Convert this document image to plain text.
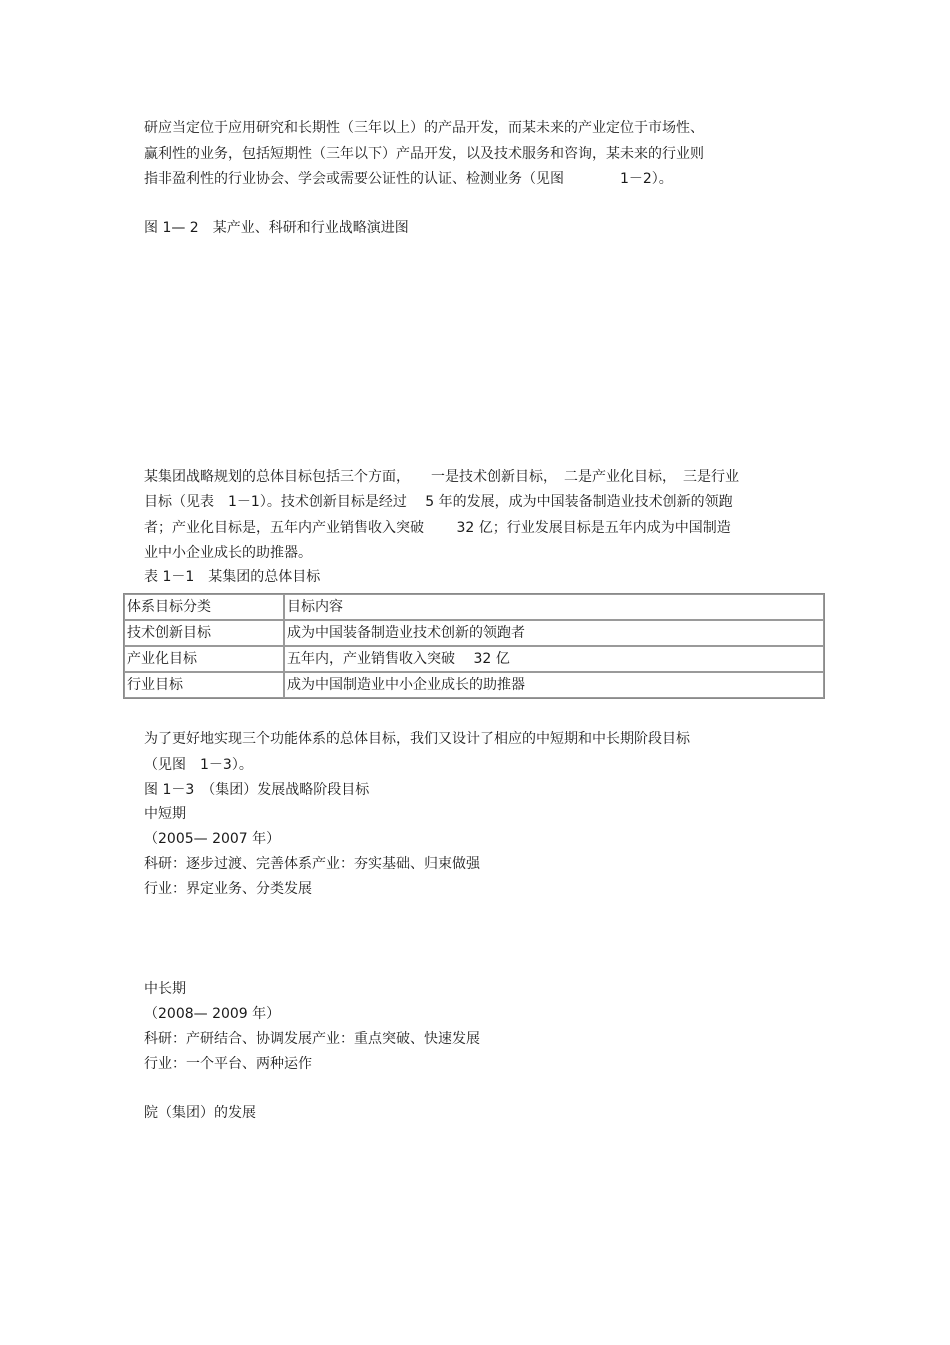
研应当定位于应用研究和长期性（三年以上）的产品开发，而某未来的产业定位于市场性、
赢利性的业务，包括短期性（三年以下）产品开发，以及技术服务和咨询，某未来的行业则
指非盈利性的行业协会、学会或需要公证性的认证、检测业务（见图　　　　1－2）。
图 1— 2　某产业、科研和行业战略演进图
某集团战略规划的总体目标包括三个方面，　　一是技术创新目标，　二是产业化目标，　三是行业
目标（见表　1－1）。技术创新目标是经过　 5 年的发展，成为中国装备制造业技术创新的领跑
者；产业化目标是，五年内产业销售收入突破　　 32 亿；行业发展目标是五年内成为中国制造
业中小企业成长的助推器。
表 1－1　某集团的总体目标
体系目标分类	目标内容
技术创新目标	成为中国装备制造业技术创新的领跑者
产业化目标	五年内，产业销售收入突破　 32 亿
行业目标	成为中国制造业中小企业成长的助推器
为了更好地实现三个功能体系的总体目标，我们又设计了相应的中短期和中长期阶段目标
（见图　1－3）。
图 1－3　（集团）发展战略阶段目标
中短期
（2005— 2007 年）
科研：逐步过渡、完善体系产业：夯实基础、归束做强
行业：界定业务、分类发展
中长期
（2008— 2009 年）
科研：产研结合、协调发展产业：重点突破、快速发展
行业：一个平台、两种运作
院（集团）的发展
